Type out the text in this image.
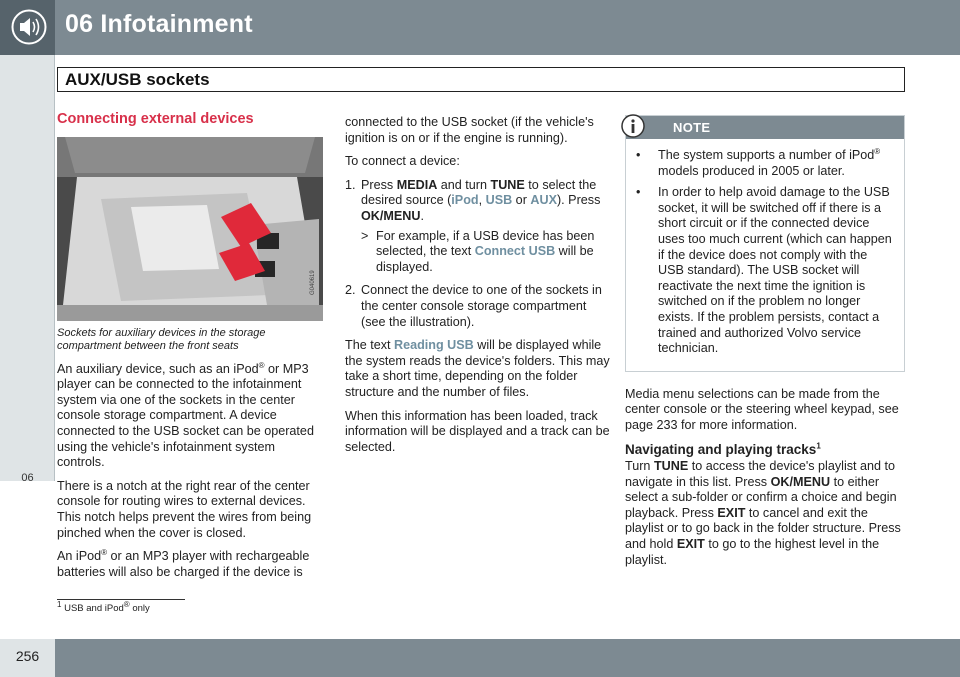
06 Infotainment
AUX/USB sockets
06
Connecting external devices
G040619
Sockets for auxiliary devices in the storage compartment between the front seats

An auxiliary device, such as an iPod® or MP3 player can be connected to the infotainment system via one of the sockets in the center console storage compartment. A device connected to the USB socket can be operated using the vehicle's infotainment system controls.

There is a notch at the right rear of the center console for routing wires to external devices. This notch helps prevent the wires from being pinched when the cover is closed.

An iPod® or an MP3 player with rechargeable batteries will also be charged if the device is

connected to the USB socket (if the vehicle's ignition is on or if the engine is running).

To connect a device:

1. Press MEDIA and turn TUNE to select the desired source (iPod, USB or AUX). Press OK/MENU.
> For example, if a USB device has been selected, the text Connect USB will be displayed.
2. Connect the device to one of the sockets in the center console storage compartment (see the illustration).

The text Reading USB will be displayed while the system reads the device's folders. This may take a short time, depending on the folder structure and the number of files.

When this information has been loaded, track information will be displayed and a track can be selected.

NOTE
• The system supports a number of iPod® models produced in 2005 or later.
• In order to help avoid damage to the USB socket, it will be switched off if there is a short circuit or if the connected device uses too much current (which can happen if the device does not comply with the USB standard). The USB socket will reactivate the next time the ignition is switched on if the problem no longer exists. If the problem persists, contact a trained and authorized Volvo service technician.

Media menu selections can be made from the center console or the steering wheel keypad, see page 233 for more information.

Navigating and playing tracks$^1$

Turn TUNE to access the device's playlist and to navigate in this list. Press OK/MENU to either select a sub-folder or confirm a choice and begin playback. Press EXIT to cancel and exit the playlist or to go back in the folder structure. Press and hold EXIT to go to the highest level in the playlist.

$^1$ USB and iPod® only
256
